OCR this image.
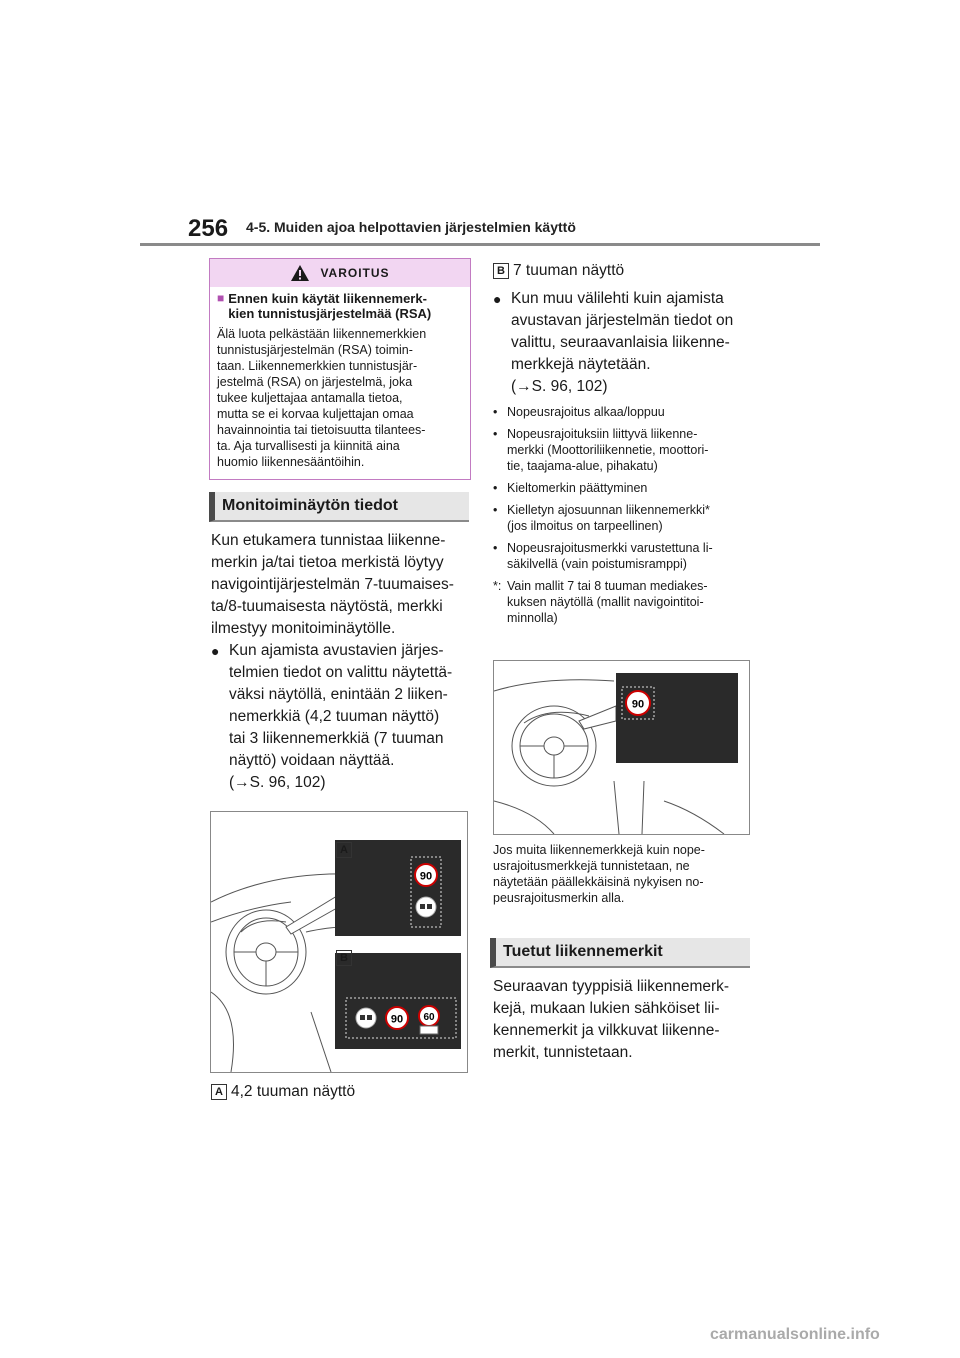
256 4-5. Muiden ajoa helpottavien järjestelmien käyttö
VAROITUS
■ Ennen kuin käytät liikennemerk-
kien tunnistusjärjestelmää (RSA)
Älä luota pelkästään liikennemerkkien
tunnistusjärjestelmän (RSA) toimin-
taan. Liikennemerkkien tunnistusjär-
jestelmä (RSA) on järjestelmä, joka
tukee kuljettajaa antamalla tietoa,
mutta se ei korvaa kuljettajan omaa
havainnointia tai tietoisuutta tilantees-
ta. Aja turvallisesti ja kiinnitä aina
huomio liikennesääntöihin.
Monitoiminäytön tiedot
Kun etukamera tunnistaa liikenne-
merkin ja/tai tietoa merkistä löytyy
navigointijärjestelmän 7-tuumaises-
ta/8-tuumaisesta näytöstä, merkki
ilmestyy monitoiminäytölle.
● Kun ajamista avustavien järjes-
telmien tiedot on valittu näytettä-
väksi näytöllä, enintään 2 liiken-
nemerkkiä (4,2 tuuman näyttö)
tai 3 liikennemerkkiä (7 tuuman
näyttö) voidaan näyttää.
(→S. 96, 102)
90
90 60
A
B
A 4,2 tuuman näyttö
B 7 tuuman näyttö
● Kun muu välilehti kuin ajamista
avustavan järjestelmän tiedot on
valittu, seuraavanlaisia liikenne-
merkkejä näytetään.
(→S. 96, 102)
• Nopeusrajoitus alkaa/loppuu
• Nopeusrajoituksiin liittyvä liikenne-
merkki (Moottoriliikennetie, moottori-
tie, taajama-alue, pihakatu)
• Kieltomerkin päättyminen
• Kielletyn ajosuunnan liikennemerkki*
(jos ilmoitus on tarpeellinen)
• Nopeusrajoitusmerkki varustettuna li-
säkilvellä (vain poistumisramppi)
*: Vain mallit 7 tai 8 tuuman mediakes-
kuksen näytöllä (mallit navigointitoi-
minnolla)
90
Jos muita liikennemerkkejä kuin nope-
usrajoitusmerkkejä tunnistetaan, ne
näytetään päällekkäisinä nykyisen no-
peusrajoitusmerkin alla.
Tuetut liikennemerkit
Seuraavan tyyppisiä liikennemerk-
kejä, mukaan lukien sähköiset lii-
kennemerkit ja vilkkuvat liikenne-
merkit, tunnistetaan.
carmanualsonline.info
